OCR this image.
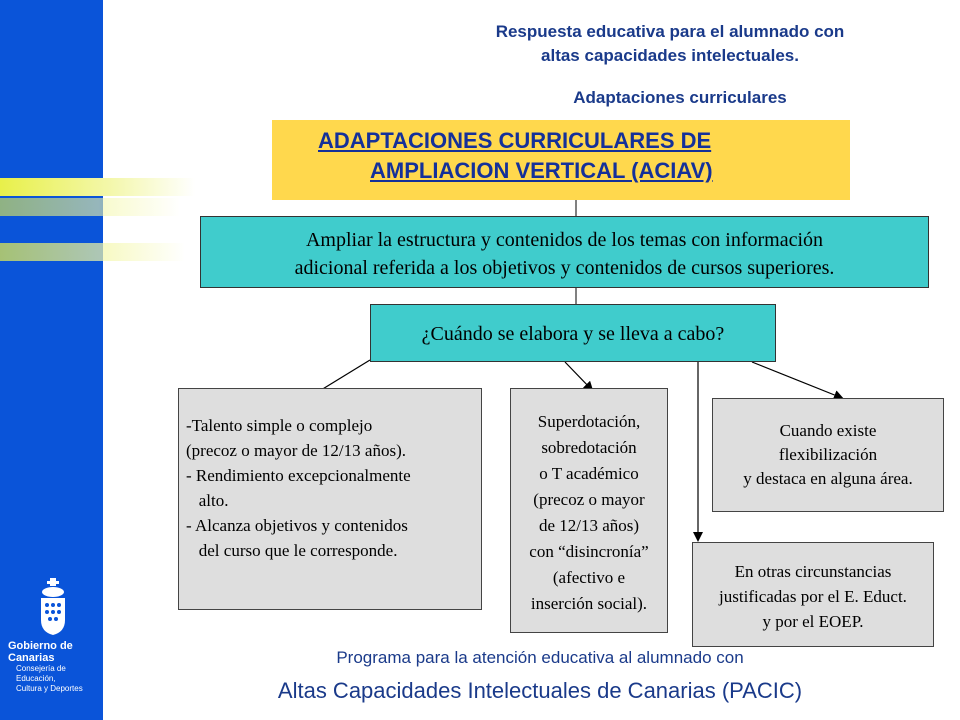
Gobierno de Canarias
Consejería de Educación,
Cultura y Deportes
Respuesta educativa para el alumnado con
altas capacidades intelectuales.
Adaptaciones curriculares
ADAPTACIONES CURRICULARES DE
AMPLIACION VERTICAL (ACIAV)
Ampliar la estructura y contenidos de los temas con información
adicional referida a los objetivos y contenidos de cursos superiores.
¿Cuándo se elabora y se lleva a cabo?
-Talento simple o complejo
(precoz o mayor de 12/13 años).
- Rendimiento excepcionalmente
alto.
- Alcanza objetivos y contenidos
del curso que le corresponde.
Superdotación,
sobredotación
o T académico
(precoz o mayor
de 12/13 años)
con “disincronía”
(afectivo e
inserción social).
Cuando existe
flexibilización
y destaca en alguna área.
En otras circunstancias
justificadas por el E. Educt.
y por el EOEP.
Programa para la atención educativa al alumnado con
Altas Capacidades Intelectuales de Canarias (PACIC)
